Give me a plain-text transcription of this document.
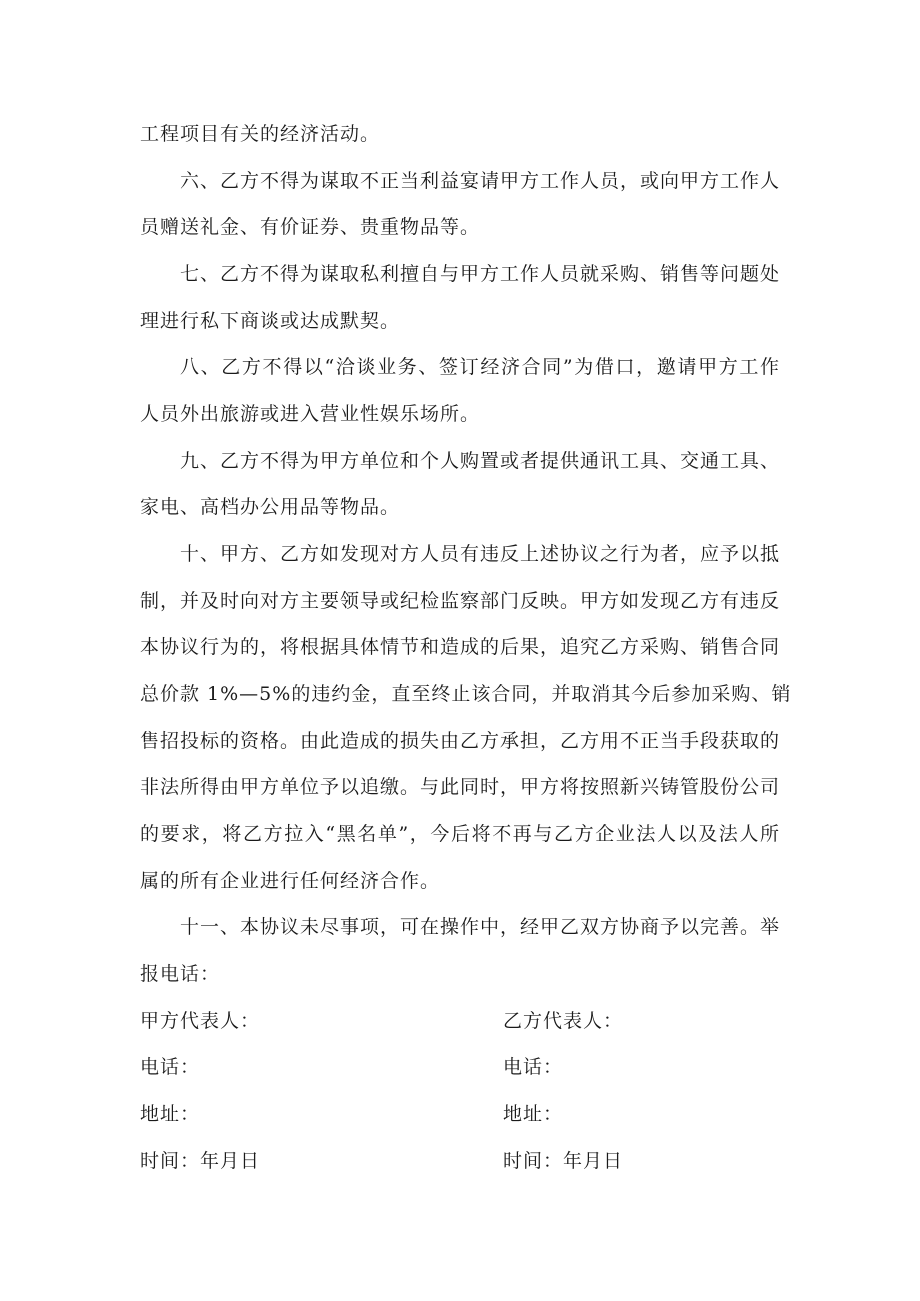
工程项目有关的经济活动。
六、乙方不得为谋取不正当利益宴请甲方工作人员，或向甲方工作人
员赠送礼金、有价证券、贵重物品等。
七、乙方不得为谋取私利擅自与甲方工作人员就采购、销售等问题处
理进行私下商谈或达成默契。
八、乙方不得以“洽谈业务、签订经济合同”为借口，邀请甲方工作
人员外出旅游或进入营业性娱乐场所。
九、乙方不得为甲方单位和个人购置或者提供通讯工具、交通工具、
家电、高档办公用品等物品。
十、甲方、乙方如发现对方人员有违反上述协议之行为者，应予以抵
制，并及时向对方主要领导或纪检监察部门反映。甲方如发现乙方有违反
本协议行为的，将根据具体情节和造成的后果，追究乙方采购、销售合同
总价款 1%—5%的违约金，直至终止该合同，并取消其今后参加采购、销
售招投标的资格。由此造成的损失由乙方承担，乙方用不正当手段获取的
非法所得由甲方单位予以追缴。与此同时，甲方将按照新兴铸管股份公司
的要求，将乙方拉入“黑名单”，今后将不再与乙方企业法人以及法人所
属的所有企业进行任何经济合作。
十一、本协议未尽事项，可在操作中，经甲乙双方协商予以完善。举
报电话：
甲方代表人：	乙方代表人：
电话：	电话：
地址：	地址：
时间：年月日	时间：年月日
